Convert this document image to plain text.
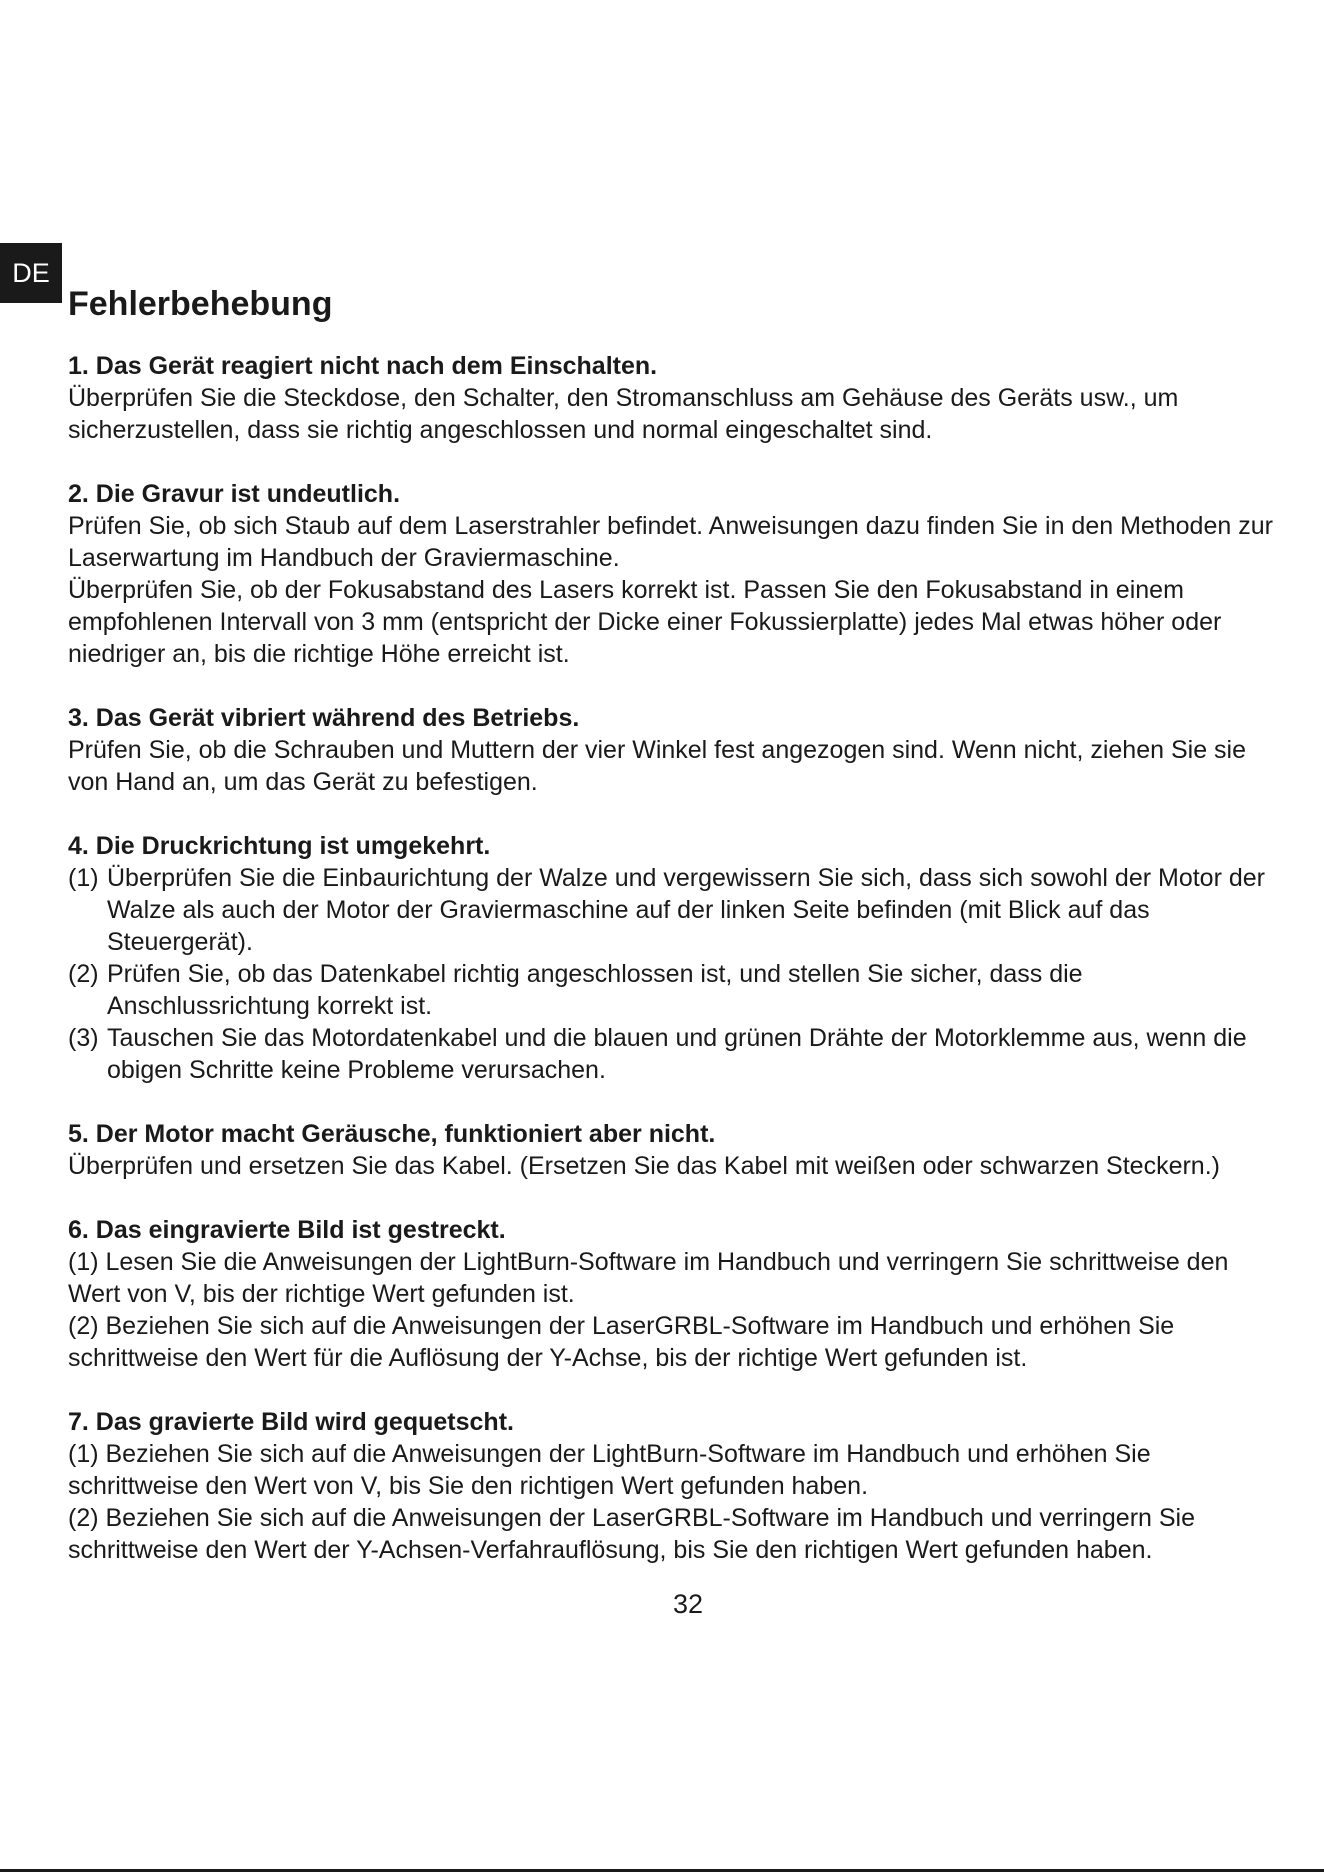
DE
Fehlerbehebung

1. Das Gerät reagiert nicht nach dem Einschalten.

Überprüfen Sie die Steckdose, den Schalter, den Stromanschluss am Gehäuse des Geräts usw., um sicherzustellen, dass sie richtig angeschlossen und normal eingeschaltet sind.

2. Die Gravur ist undeutlich.

Prüfen Sie, ob sich Staub auf dem Laserstrahler befindet. Anweisungen dazu finden Sie in den Methoden zur Laserwartung im Handbuch der Graviermaschine.

Überprüfen Sie, ob der Fokusabstand des Lasers korrekt ist. Passen Sie den Fokusabstand in einem empfohlenen Intervall von 3 mm (entspricht der Dicke einer Fokussierplatte) jedes Mal etwas höher oder niedriger an, bis die richtige Höhe erreicht ist.

3. Das Gerät vibriert während des Betriebs.

Prüfen Sie, ob die Schrauben und Muttern der vier Winkel fest angezogen sind. Wenn nicht, ziehen Sie sie von Hand an, um das Gerät zu befestigen.

4. Die Druckrichtung ist umgekehrt.

(1) Überprüfen Sie die Einbaurichtung der Walze und vergewissern Sie sich, dass sich sowohl der Motor der Walze als auch der Motor der Graviermaschine auf der linken Seite befinden (mit Blick auf das Steuergerät).
(2) Prüfen Sie, ob das Datenkabel richtig angeschlossen ist, und stellen Sie sicher, dass die Anschlussrichtung korrekt ist.
(3) Tauschen Sie das Motordatenkabel und die blauen und grünen Drähte der Motorklemme aus, wenn die obigen Schritte keine Probleme verursachen.

5. Der Motor macht Geräusche, funktioniert aber nicht.

Überprüfen und ersetzen Sie das Kabel. (Ersetzen Sie das Kabel mit weißen oder schwarzen Steckern.)

6. Das eingravierte Bild ist gestreckt.

(1) Lesen Sie die Anweisungen der LightBurn-Software im Handbuch und verringern Sie schrittweise den Wert von V, bis der richtige Wert gefunden ist.

(2) Beziehen Sie sich auf die Anweisungen der LaserGRBL-Software im Handbuch und erhöhen Sie schrittweise den Wert für die Auflösung der Y-Achse, bis der richtige Wert gefunden ist.

7. Das gravierte Bild wird gequetscht.

(1) Beziehen Sie sich auf die Anweisungen der LightBurn-Software im Handbuch und erhöhen Sie schrittweise den Wert von V, bis Sie den richtigen Wert gefunden haben.

(2) Beziehen Sie sich auf die Anweisungen der LaserGRBL-Software im Handbuch und verringern Sie schrittweise den Wert der Y-Achsen-Verfahrauflösung, bis Sie den richtigen Wert gefunden haben.

32
